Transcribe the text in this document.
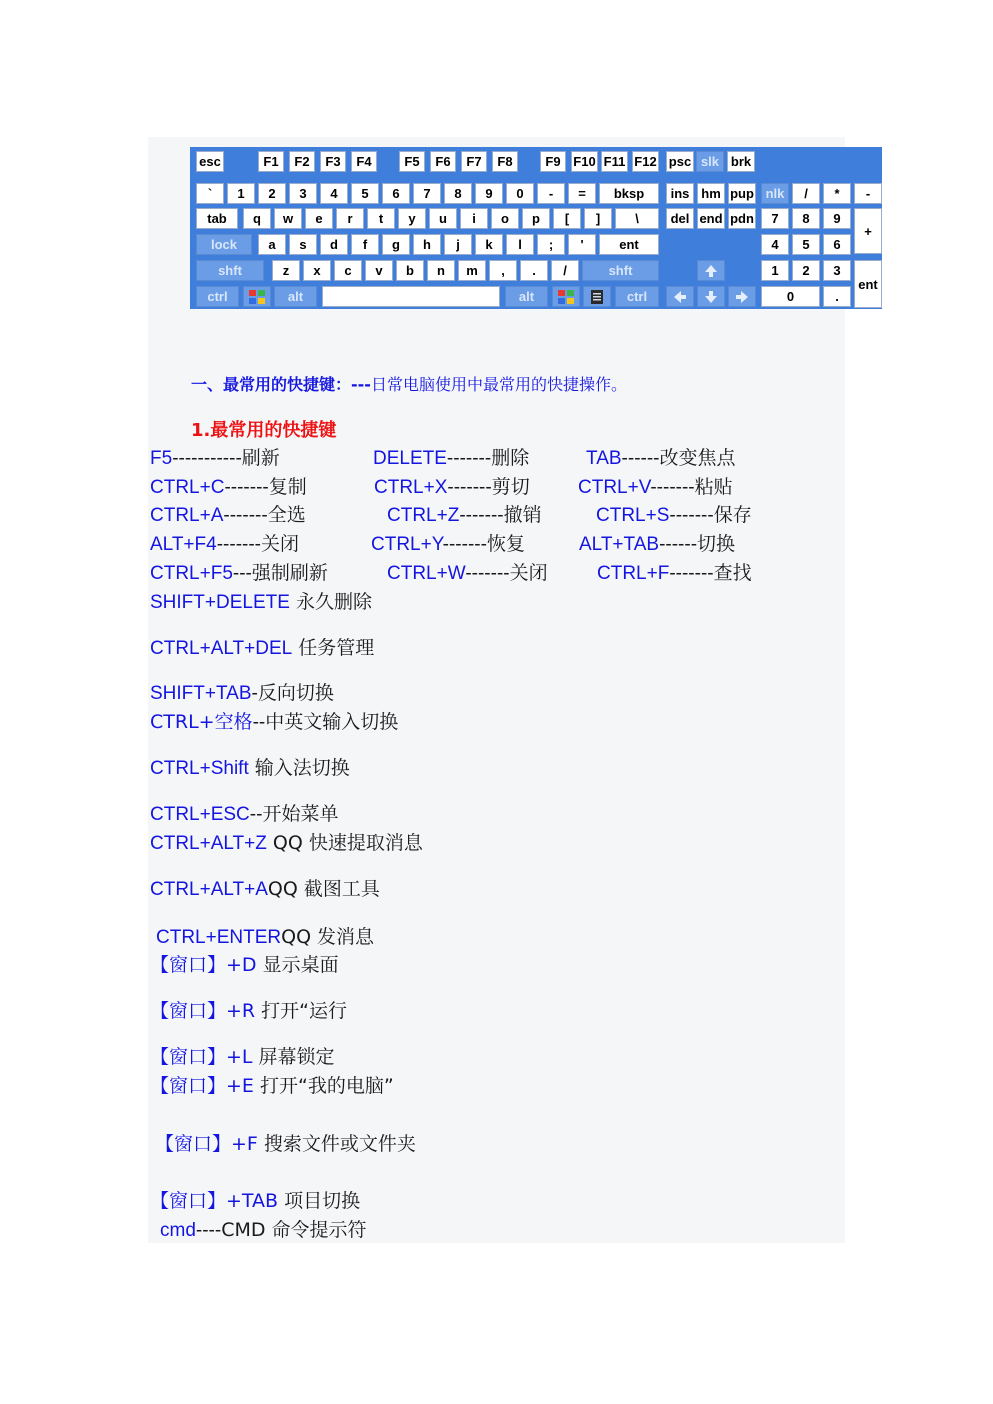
esc	F1	F2	F3	F4	F5	F6	F7	F8	F9 F10 F11 F12 psc slk brk
`	1	2	3	4	5	6	7	8	9	0	-	=	bksp	ins hm pup nlk	/	*	-
tab	q	w	e	r	t	y	u	i	o	p	[	]	\	del end pdn	7	8	9
+
lock	a	s	d	f	g	h	j	k	l	;	'	ent	4	5	6
shft	z	x	c	v	b	n	m	,	.	/	shft	1	2	3
ent
ctrl	alt	alt	ctrl	0	.
一、最常用的快捷键：---日常电脑使用中最常用的快捷操作。
1.最常用的快捷键
F5-----------刷新	DELETE-------删除	TAB------改变焦点
CTRL+C-------复制	CTRL+X-------剪切	CTRL+V-------粘贴
CTRL+A-------全选	CTRL+Z-------撤销	CTRL+S-------保存
ALT+F4-------关闭	CTRL+Y-------恢复	ALT+TAB------切换
CTRL+F5---强制刷新	CTRL+W-------关闭	CTRL+F-------查找
SHIFT+DELETE 永久删除
CTRL+ALT+DEL 任务管理
SHIFT+TAB-反向切换
CTRL+空格--中英文输入切换
CTRL+Shift 输入法切换
CTRL+ESC--开始菜单
CTRL+ALT+Z QQ 快速提取消息
CTRL+ALT+AQQ 截图工具
CTRL+ENTERQQ 发消息
【窗口】+D 显示桌面
【窗口】+R 打开“运行
【窗口】+L 屏幕锁定
【窗口】+E 打开“我的电脑”
【窗口】+F 搜索文件或文件夹
【窗口】+TAB 项目切换
cmd----CMD 命令提示符
